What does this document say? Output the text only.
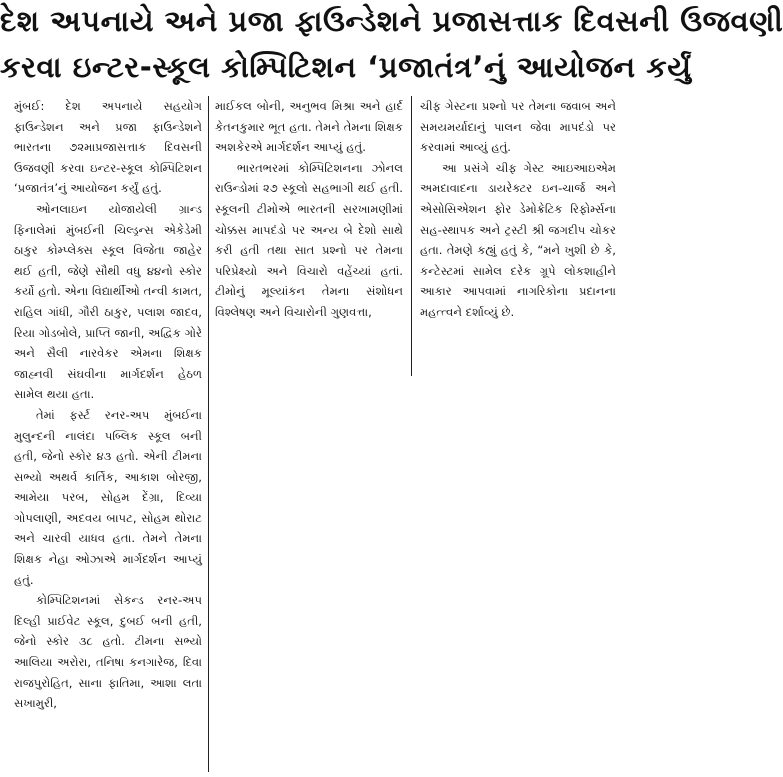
દેશ અપનાયે અને પ્રજા ફાઉન્ડેશને પ્રજાસત્તાક દિવસની ઉજવણી
કરવા ઇન્ટર-સ્કૂલ કોમ્પિટિશન ‘પ્રજાતંત્ર’નું આયોજન કર્યું

મુંબઈ: દેશ અપનાયે સહયોગ ફાઉન્ડેશન અને પ્રજા ફાઉન્ડેશને ભારતના ૭૨માપ્રજાસત્તાક દિવસની ઉજવણી કરવા ઇન્ટર-સ્કૂલ કોમ્પિટિશન ‘પ્રજાતંત્ર’નું આયોજન કર્યું હતું.

ઓનલાઇન યોજાયેલી ગ્રાન્ડ ફિનાલેમાં મુંબઈની ચિલ્ડ્રન્સ એકેડેમી ઠાકુર કોમ્પ્લેક્સ સ્કૂલ વિજેતા જાહેર થઈ હતી, જેણે સૌથી વધુ ૪૪નો સ્કોર કર્યો હતો. એના વિદ્યાર્થીઓ તન્વી કામત, રાહિલ ગાંધી, ગૌરી ઠાકુર, પલાશ જાદવ, રિયા ગોડબોલે, પ્રાપ્તિ જાની, અદ્વિક ગોરે અને સૈલી નારવેકર એમના શિક્ષક જાહ્નવી સંઘવીના માર્ગદર્શન હેઠળ સામેલ થયા હતા.

તેમાં ફર્સ્ટ રનર-અપ મુંબઈના મુલુન્દની નાલંદા પબ્લિક સ્કૂલ બની હતી, જેનો સ્કોર ૪૩ હતો. એની ટીમના સભ્યો અથર્વ કાર્તિક, આકાશ બોરજી, આમેયા પરબ, સોહમ દેંગ્રા, દિવ્યા ગોપલાણી, અદવય બાપટ, સોહમ થોરાટ અને ચારવી યાધવ હતા. તેમને તેમના શિક્ષક નેહા ઓઝાએ માર્ગદર્શન આપ્યું હતું.

કોમ્પિટિશનમાં સેકન્ડ રનર-અપ દિલ્હી પ્રાઈવેટ સ્કૂલ, દુબઈ બની હતી, જેનો સ્કોર ૩૮ હતો. ટીમના સભ્યો આલિયા અરોરા, તનિષા કનગારેજ, દિવા રાજપુરોહિત, સાના ફાતિમા, આશા લતા સખામુરી,

માઈકલ બોની, અનુભવ મિશ્રા અને હાર્દ કેતનકુમાર ભૂત હતા. તેમને તેમના શિક્ષક અશકેરએ માર્ગદર્શન આપ્યું હતું.

ભારતભરમાં કોમ્પિટિશનના ઝોનલ રાઉન્ડોમાં ૨૭ સ્કૂલો સહભાગી થઈ હતી. સ્કૂલની ટીમોએ ભારતની સરખામણીમાં ચોક્કસ માપદંડો પર અન્ય બે દેશો સાથે કરી હતી તથા સાત પ્રશ્નો પર તેમના પરિપ્રેક્ષ્યો અને વિચારો વહેંચ્યાં હતાં. ટીમોનું મૂલ્યાંકન તેમના સંશોધન વિશ્લેષણ અને વિચારોની ગુણવત્તા,

ચીફ ગેસ્ટના પ્રશ્નો પર તેમના જવાબ અને સમયમર્યાદાનું પાલન જેવા માપદંડો પર કરવામાં આવ્યું હતું.

આ પ્રસંગે ચીફ ગેસ્ટ આઇઆઇએમ અમદાવાદના ડાયરેક્ટર ઇન-ચાર્જ અને એસોસિએશન ફોર ડેમોક્રેટિક રિફોર્મ્સના સહ-સ્થાપક અને ટ્રસ્ટી શ્રી જગદીપ ચોકર હતા. તેમણે કહ્યું હતું કે, “મને ખુશી છે કે, કન્ટેસ્ટમાં સામેલ દરેક ગ્રૂપે લોકશાહીને આકાર આપવામાં નાગરિકોના પ્રદાનના મહત્ત્વને દર્શાવ્યું છે.
